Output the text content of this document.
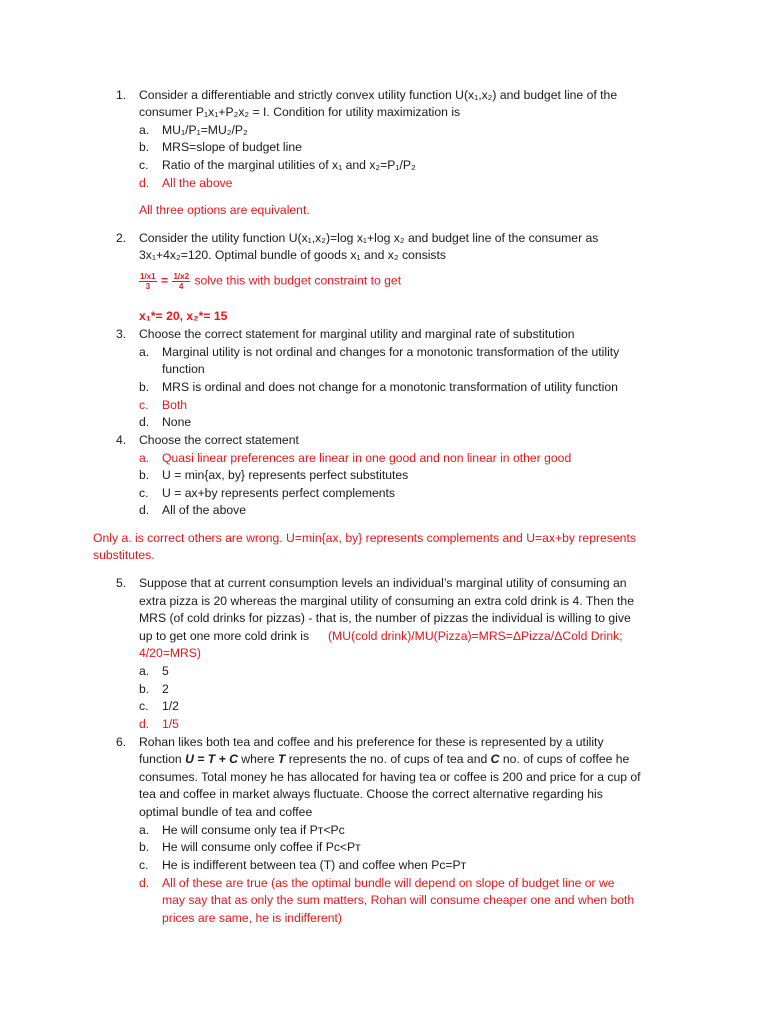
1. Consider a differentiable and strictly convex utility function U(x₁,x₂) and budget line of the
consumer P₁x₁+P₂x₂ = I. Condition for utility maximization is
a. MU₁/P₁=MU₂/P₂
b. MRS=slope of budget line
c. Ratio of the marginal utilities of x₁ and x₂=P₁/P₂
d. All the above
All three options are equivalent.
2. Consider the utility function U(x₁,x₂)=log x₁+log x₂ and budget line of the consumer as
3x₁+4x₂=120. Optimal bundle of goods x₁ and x₂ consists
$\frac{1/x1}{3} = \frac{1/x2}{4}$ solve this with budget constraint to get
x₁*= 20, x₂*= 15
3. Choose the correct statement for marginal utility and marginal rate of substitution
a. Marginal utility is not ordinal and changes for a monotonic transformation of the utility
function
b. MRS is ordinal and does not change for a monotonic transformation of utility function
c. Both
d. None
4. Choose the correct statement
a. Quasi linear preferences are linear in one good and non linear in other good
b. U = min{ax, by} represents perfect substitutes
c. U = ax+by represents perfect complements
d. All of the above
Only a. is correct others are wrong. U=min{ax, by} represents complements and U=ax+by represents
substitutes.
5. Suppose that at current consumption levels an individual’s marginal utility of consuming an
extra pizza is 20 whereas the marginal utility of consuming an extra cold drink is 4. Then the
MRS (of cold drinks for pizzas) - that is, the number of pizzas the individual is willing to give
up to get one more cold drink is (MU(cold drink)/MU(Pizza)=MRS=ΔPizza/ΔCold Drink;
4/20=MRS)
a. 5
b. 2
c. 1/2
d. 1/5
6. Rohan likes both tea and coffee and his preference for these is represented by a utility
function U = T + C where T represents the no. of cups of tea and C no. of cups of coffee he
consumes. Total money he has allocated for having tea or coffee is 200 and price for a cup of
tea and coffee in market always fluctuate. Choose the correct alternative regarding his
optimal bundle of tea and coffee
a. He will consume only tea if Pᴛ<Pᴄ
b. He will consume only coffee if Pᴄ<Pᴛ
c. He is indifferent between tea (T) and coffee when Pᴄ=Pᴛ
d. All of these are true (as the optimal bundle will depend on slope of budget line or we
may say that as only the sum matters, Rohan will consume cheaper one and when both
prices are same, he is indifferent)
